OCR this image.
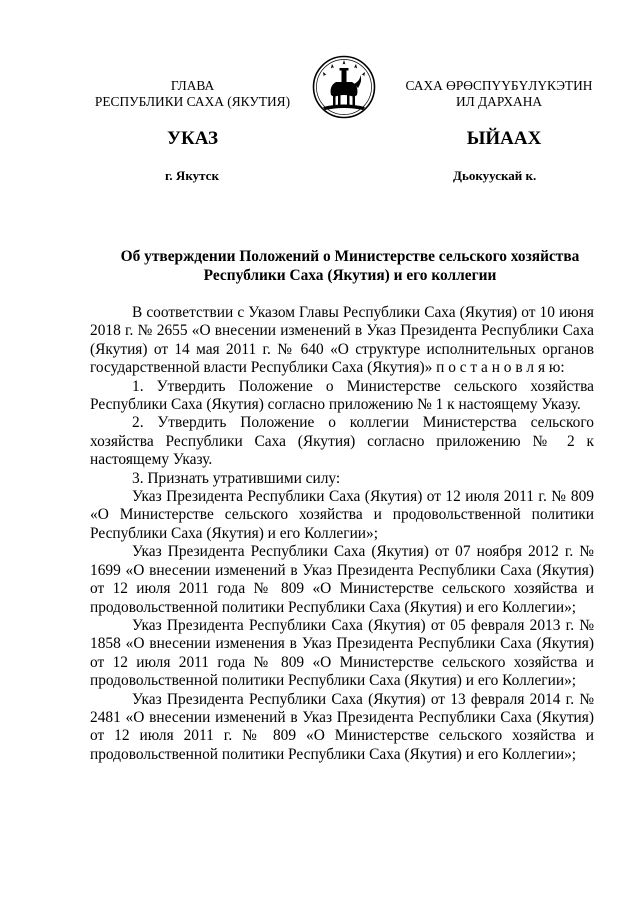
ГЛАВА
РЕСПУБЛИКИ САХА (ЯКУТИЯ)
САХА ӨРӨСПҮҮБҮЛҮКЭТИН
ИЛ ДАРХАНА
УКАЗ	ЫЙААХ
г. Якутск	Дьокуускай к.
Об утверждении Положений о Министерстве сельского хозяйства
Республики Саха (Якутия) и его коллегии

В соответствии с Указом Главы Республики Саха (Якутия) от 10 июня 2018 г. № 2655 «О внесении изменений в Указ Президента Республики Саха (Якутия) от 14 мая 2011 г. № 640 «О структуре исполнительных органов государственной власти Республики Саха (Якутия)» п о с т а н о в л я ю:

1. Утвердить Положение о Министерстве сельского хозяйства Республики Саха (Якутия) согласно приложению № 1 к настоящему Указу.

2. Утвердить Положение о коллегии Министерства сельского хозяйства Республики Саха (Якутия) согласно приложению № 2 к настоящему Указу.

3. Признать утратившими силу:

Указ Президента Республики Саха (Якутия) от 12 июля 2011 г. № 809 «О Министерстве сельского хозяйства и продовольственной политики Республики Саха (Якутия) и его Коллегии»;

Указ Президента Республики Саха (Якутия) от 07 ноября 2012 г. № 1699 «О внесении изменений в Указ Президента Республики Саха (Якутия) от 12 июля 2011 года № 809 «О Министерстве сельского хозяйства и продовольственной политики Республики Саха (Якутия) и его Коллегии»;

Указ Президента Республики Саха (Якутия) от 05 февраля 2013 г. № 1858 «О внесении изменения в Указ Президента Республики Саха (Якутия) от 12 июля 2011 года № 809 «О Министерстве сельского хозяйства и продовольственной политики Республики Саха (Якутия) и его Коллегии»;

Указ Президента Республики Саха (Якутия) от 13 февраля 2014 г. № 2481 «О внесении изменений в Указ Президента Республики Саха (Якутия) от 12 июля 2011 г. № 809 «О Министерстве сельского хозяйства и продовольственной политики Республики Саха (Якутия) и его Коллегии»;
